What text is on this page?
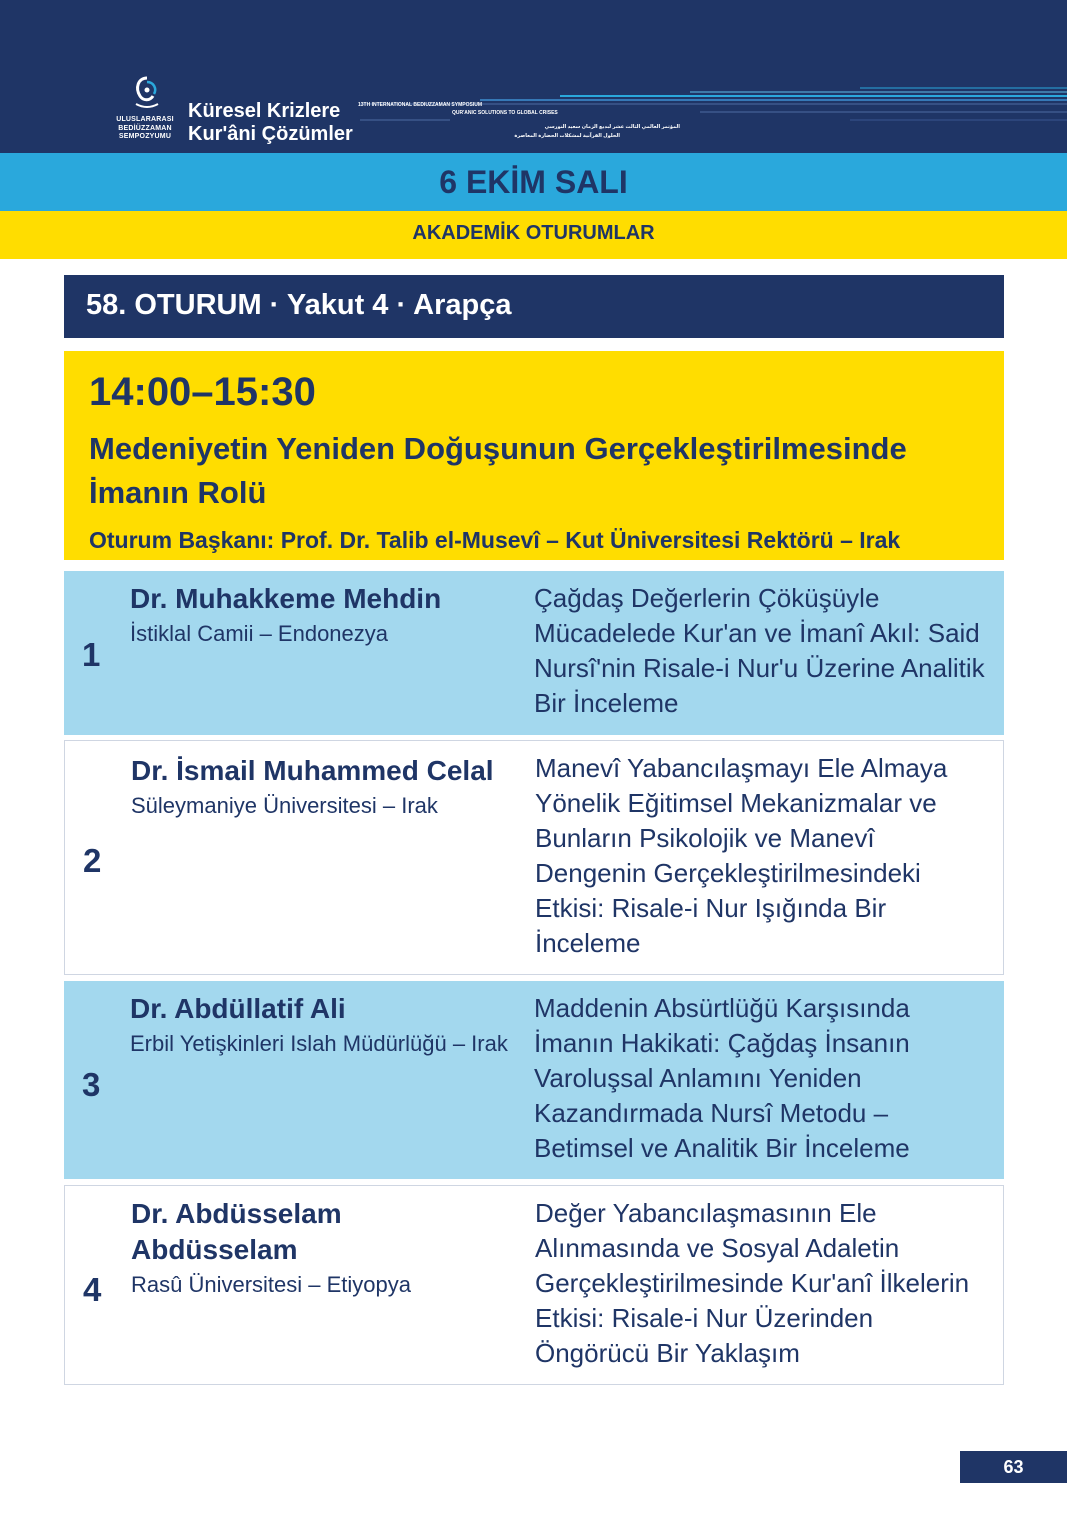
ULUSLARARASI
BEDİÜZZAMAN
SEMPOZYUMU
Küresel Krizlere
Kur'âni Çözümler
13TH INTERNATIONAL BEDIUZZAMAN SYMPOSIUM
QUR'ANIC SOLUTIONS TO GLOBAL CRISES
المؤتمر العالمي الثالث عشر لبديع الزمان سعيد النورسي
الحلول القرآنية لمشكلات الحضارة المعاصرة
6 EKİM SALI
AKADEMİK OTURUMLAR
58. OTURUM · Yakut 4 · Arapça
14:00–15:30
Medeniyetin Yeniden Doğuşunun Gerçekleştirilmesinde
İmanın Rolü
Oturum Başkanı: Prof. Dr. Talib el-Musevî – Kut Üniversitesi Rektörü – Irak
1
Dr. Muhakkeme Mehdin
İstiklal Camii – Endonezya
Çağdaş Değerlerin Çöküşüyle Mücadelede Kur'an ve İmanî Akıl: Said Nursî'nin Risale-i Nur'u Üzerine Analitik Bir İnceleme
2
Dr. İsmail Muhammed Celal
Süleymaniye Üniversitesi – Irak
Manevî Yabancılaşmayı Ele Almaya Yönelik Eğitimsel Mekanizmalar ve Bunların Psikolojik ve Manevî Dengenin Gerçekleştirilmesindeki Etkisi: Risale-i Nur Işığında Bir İnceleme
3
Dr. Abdüllatif Ali
Erbil Yetişkinleri Islah Müdürlüğü – Irak
Maddenin Absürtlüğü Karşısında İmanın Hakikati: Çağdaş İnsanın Varoluşsal Anlamını Yeniden Kazandırmada Nursî Metodu – Betimsel ve Analitik Bir İnceleme
4
Dr. Abdüsselam Abdüsselam
Rasû Üniversitesi – Etiyopya
Değer Yabancılaşmasının Ele Alınmasında ve Sosyal Adaletin Gerçekleştirilmesinde Kur'anî İlkelerin Etkisi: Risale-i Nur Üzerinden Öngörücü Bir Yaklaşım
63
